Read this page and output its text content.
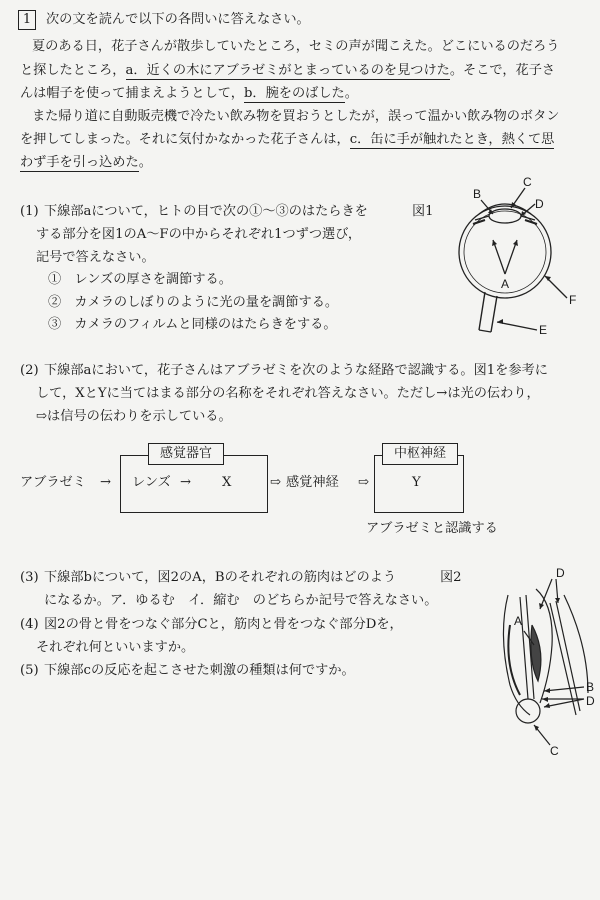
1	次の文を読んで以下の各問いに答えなさい。
夏のある日，花子さんが散歩していたところ，セミの声が聞こえた。どこにいるのだろう
と探したところ，a．近くの木にアブラゼミがとまっているのを見つけた。そこで，花子さ
んは帽子を使って捕まえようとして，b．腕をのばした。
また帰り道に自動販売機で冷たい飲み物を買おうとしたが，誤って温かい飲み物のボタン
を押してしまった。それに気付かなかった花子さんは，c．缶に手が触れたとき，熱くて思
わず手を引っ込めた。
(1) 下線部aについて，ヒトの目で次の①～③のはたらきを
する部分を図1のA～Fの中からそれぞれ1つずつ選び，
記号で答えなさい。
①　 レンズの厚さを調節する。
②　 カメラのしぼりのように光の量を調節する。
③　 カメラのフィルムと同様のはたらきをする。
図1
B
C
D
A
F
E
(2) 下線部aにおいて，花子さんはアブラゼミを次のような経路で認識する。図1を参考に
して，XとYに当てはまる部分の名称をそれぞれ答えなさい。ただし→は光の伝わり，
⇨は信号の伝わりを示している。
アブラゼミ →
感覚器官
レンズ → X	⇨ 感覚神経 ⇨
中枢神経
Y
アブラゼミと認識する
(3) 下線部bについて，図2のA，Bのそれぞれの筋肉はどのよう
になるか。ア．ゆるむ　イ．縮む　のどちらか記号で答えなさい。
図2
(4) 図2の骨と骨をつなぐ部分Cと，筋肉と骨をつなぐ部分Dを，
それぞれ何といいますか。
(5) 下線部cの反応を起こさせた刺激の種類は何ですか。
D
A
B
D
C
